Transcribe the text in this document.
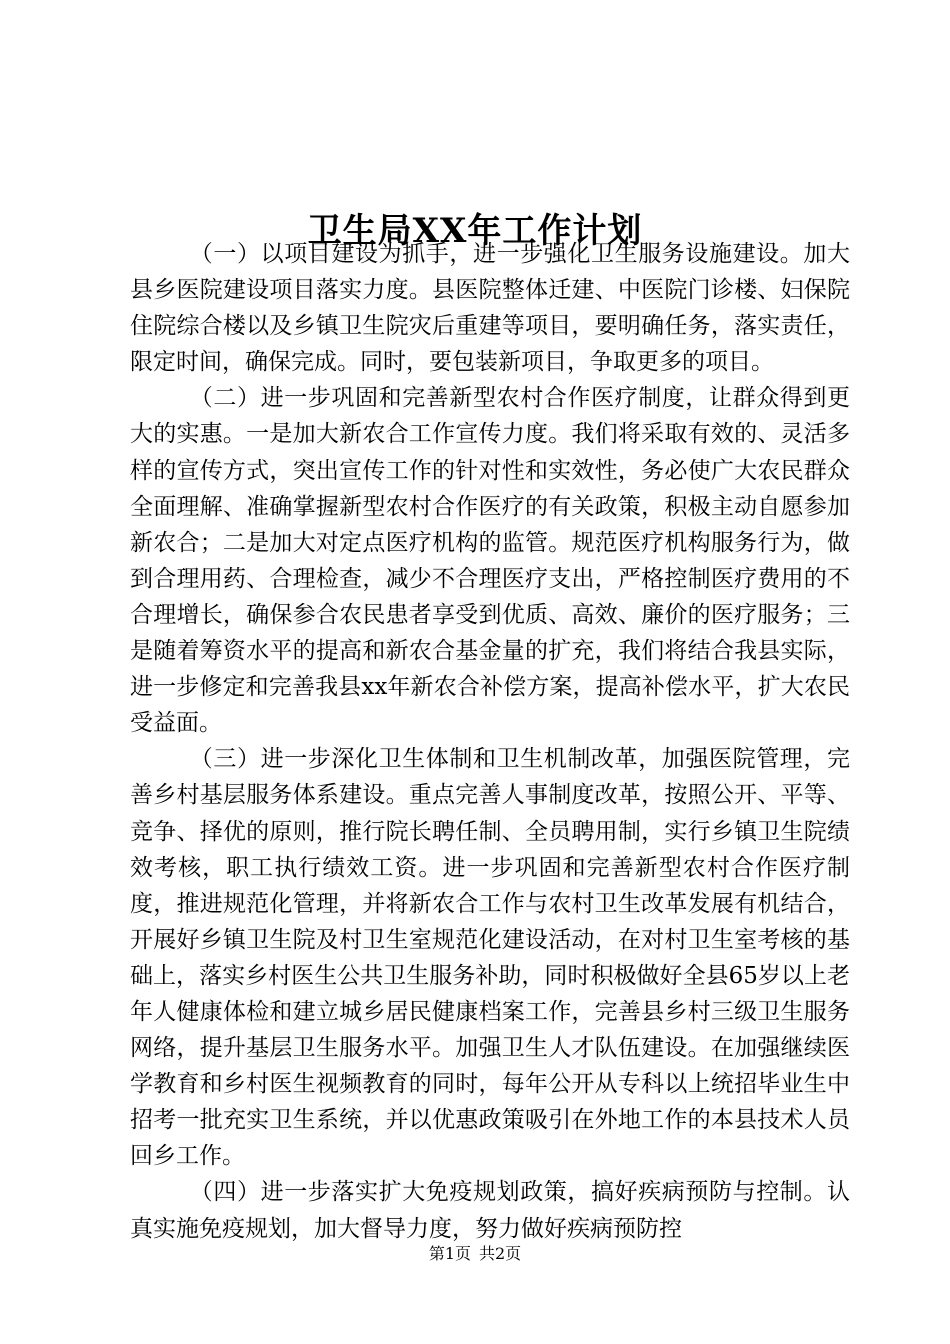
卫生局XX年工作计划

（一）以项目建设为抓手，进一步强化卫生服务设施建设。加大县乡医院建设项目落实力度。县医院整体迁建、中医院门诊楼、妇保院住院综合楼以及乡镇卫生院灾后重建等项目，要明确任务，落实责任，限定时间，确保完成。同时，要包装新项目，争取更多的项目。

（二）进一步巩固和完善新型农村合作医疗制度，让群众得到更大的实惠。一是加大新农合工作宣传力度。我们将采取有效的、灵活多样的宣传方式，突出宣传工作的针对性和实效性，务必使广大农民群众全面理解、准确掌握新型农村合作医疗的有关政策，积极主动自愿参加新农合；二是加大对定点医疗机构的监管。规范医疗机构服务行为，做到合理用药、合理检查，减少不合理医疗支出，严格控制医疗费用的不合理增长，确保参合农民患者享受到优质、高效、廉价的医疗服务；三是随着筹资水平的提高和新农合基金量的扩充，我们将结合我县实际，进一步修定和完善我县xx年新农合补偿方案，提高补偿水平，扩大农民受益面。

（三）进一步深化卫生体制和卫生机制改革，加强医院管理，完善乡村基层服务体系建设。重点完善人事制度改革，按照公开、平等、竞争、择优的原则，推行院长聘任制、全员聘用制，实行乡镇卫生院绩效考核，职工执行绩效工资。进一步巩固和完善新型农村合作医疗制度，推进规范化管理，并将新农合工作与农村卫生改革发展有机结合，开展好乡镇卫生院及村卫生室规范化建设活动，在对村卫生室考核的基础上，落实乡村医生公共卫生服务补助，同时积极做好全县65岁以上老年人健康体检和建立城乡居民健康档案工作，完善县乡村三级卫生服务网络，提升基层卫生服务水平。加强卫生人才队伍建设。在加强继续医学教育和乡村医生视频教育的同时，每年公开从专科以上统招毕业生中招考一批充实卫生系统，并以优惠政策吸引在外地工作的本县技术人员回乡工作。

（四）进一步落实扩大免疫规划政策，搞好疾病预防与控制。认真实施免疫规划，加大督导力度，努力做好疾病预防控

第1页 共2页
